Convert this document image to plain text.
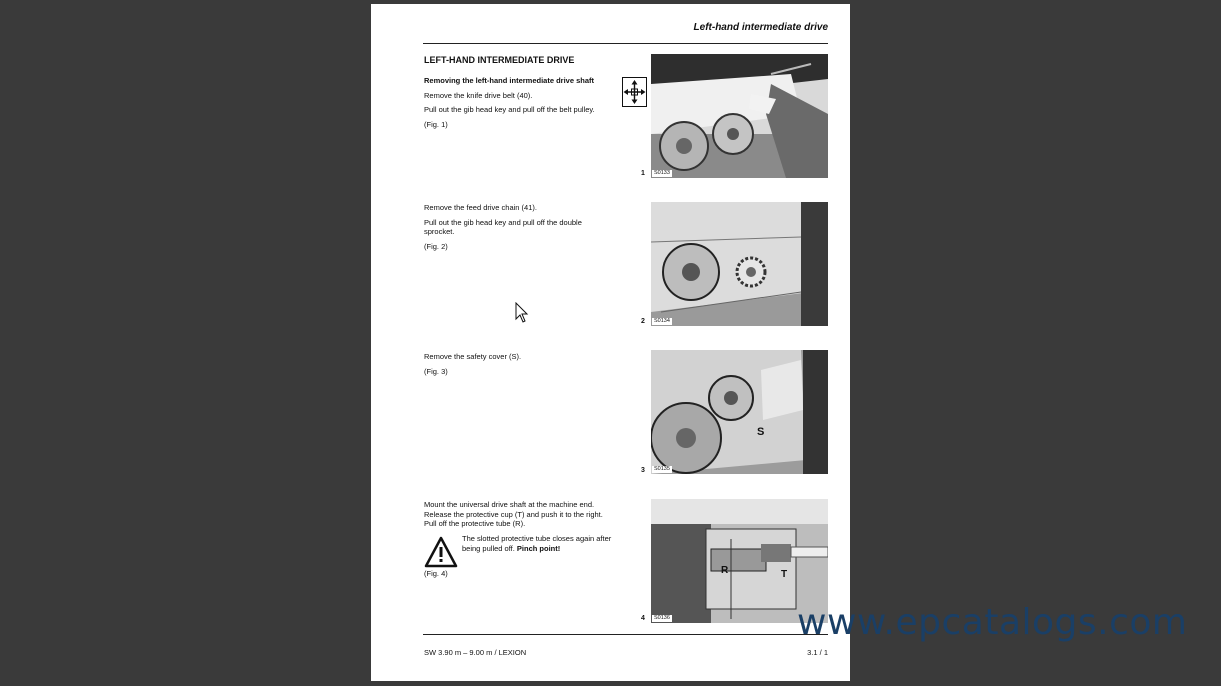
Left-hand intermediate drive
LEFT-HAND INTERMEDIATE DRIVE

Removing the left-hand intermediate drive shaft

Remove the knife drive belt (40).

Pull out the gib head key and pull off the belt pulley.

(Fig. 1)

S0133
1

Remove the feed drive chain (41).

Pull out the gib head key and pull off the double sprocket.

(Fig. 2)

S0134
2

Remove the safety cover (S).

(Fig. 3)

S
S0135
3

Mount the universal drive shaft at the machine end. Release the protective cup (T) and push it to the right. Pull off the protective tube (R).

The slotted protective tube closes again after being pulled off. Pinch point!
(Fig. 4)	R	T
S0136
4
SW 3.90 m – 9.00 m / LEXION	3.1 / 1
www.epcatalogs.com
